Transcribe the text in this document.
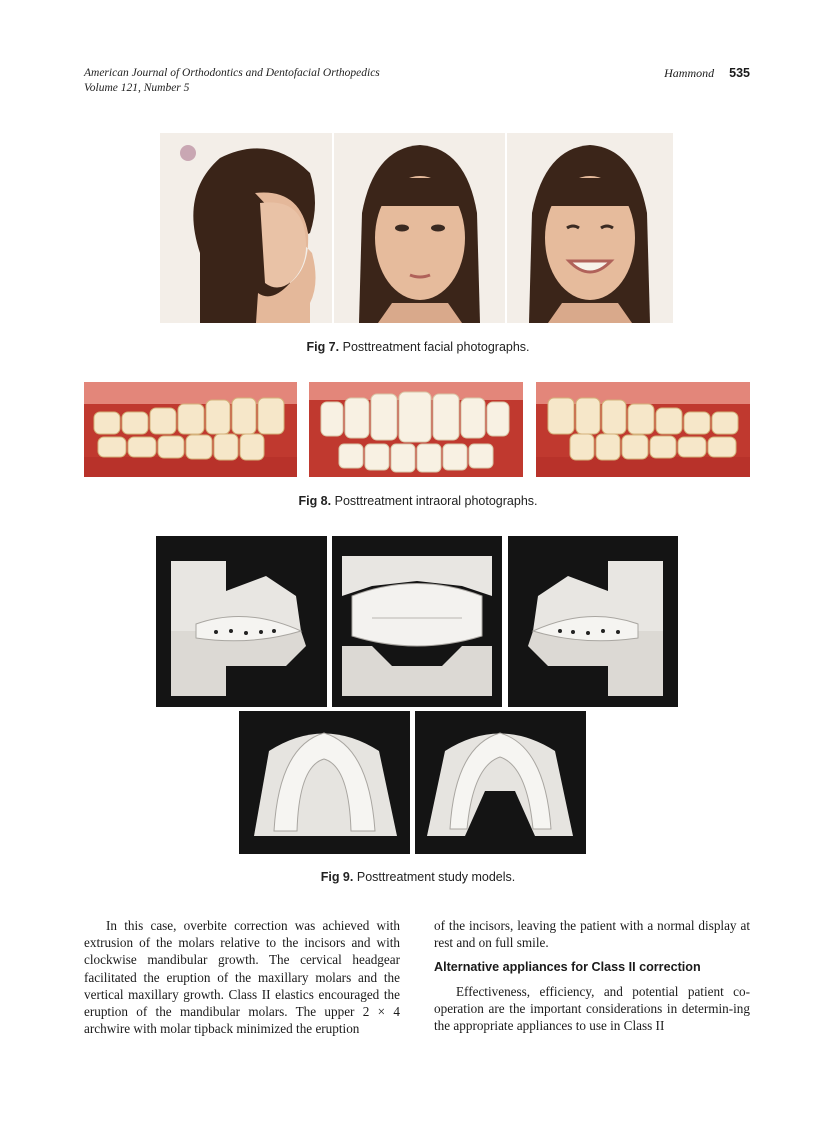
American Journal of Orthodontics and Dentofacial Orthopedics
Volume 121, Number 5
Hammond 535
Fig 7. Posttreatment facial photographs.
Fig 8. Posttreatment intraoral photographs.
Fig 9. Posttreatment study models.

In this case, overbite correction was achieved with extrusion of the molars relative to the incisors and with clockwise mandibular growth. The cervical headgear facilitated the eruption of the maxillary molars and the vertical maxillary growth. Class II elastics encouraged the eruption of the mandibular molars. The upper 2 × 4 archwire with molar tipback minimized the eruption

of the incisors, leaving the patient with a normal display at rest and on full smile.

Alternative appliances for Class II correction

Effectiveness, efficiency, and potential patient co-operation are the important considerations in determin-ing the appropriate appliances to use in Class II
